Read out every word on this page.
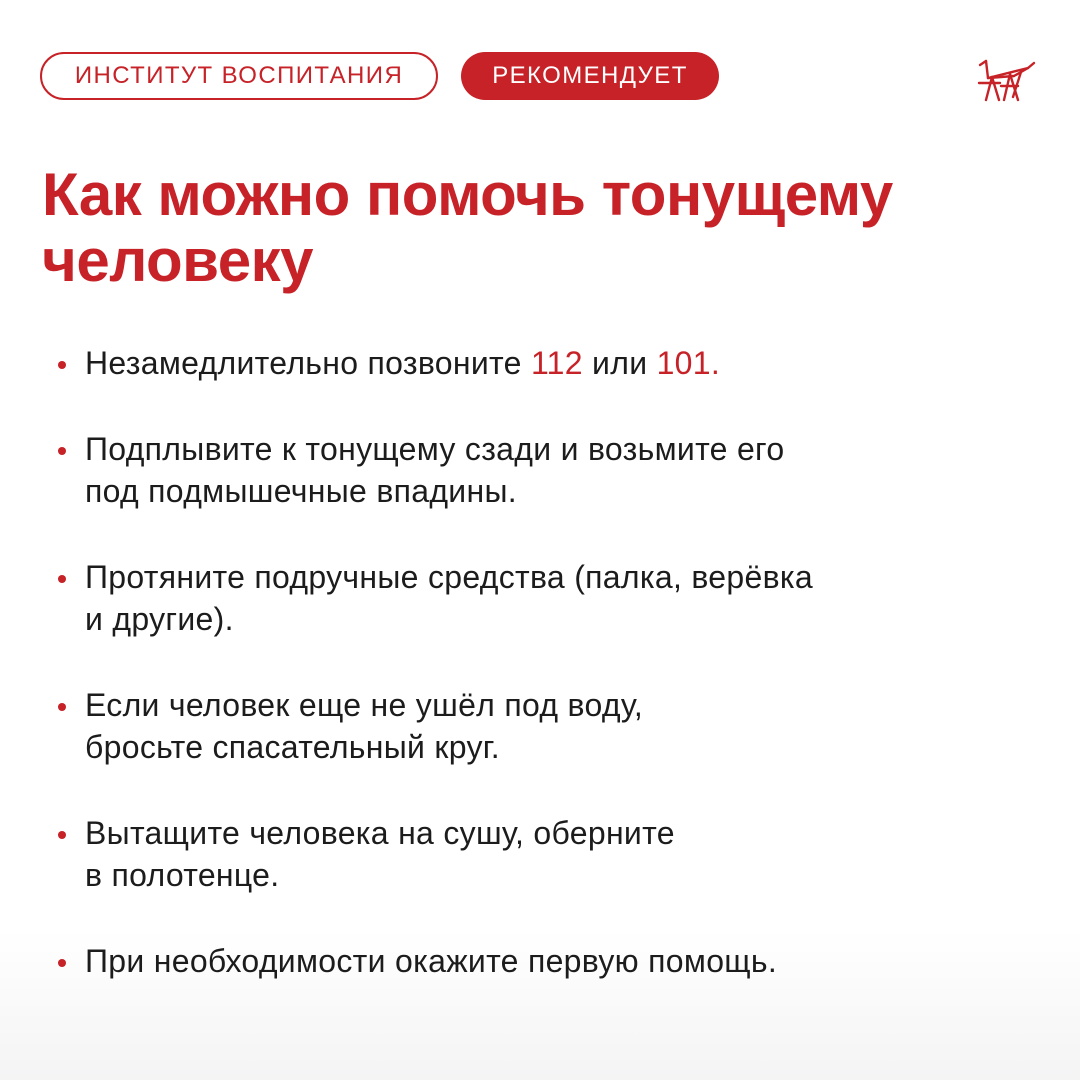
ИНСТИТУТ ВОСПИТАНИЯ	РЕКОМЕНДУЕТ
Как можно помочь тонущему
человеку
Незамедлительно позвоните 112 или 101.
Подплывите к тонущему сзади и возьмите его
под подмышечные впадины.
Протяните подручные средства (палка, верёвка
и другие).
Если человек еще не ушёл под воду,
бросьте спасательный круг.
Вытащите человека на сушу, оберните
в полотенце.
При необходимости окажите первую помощь.
